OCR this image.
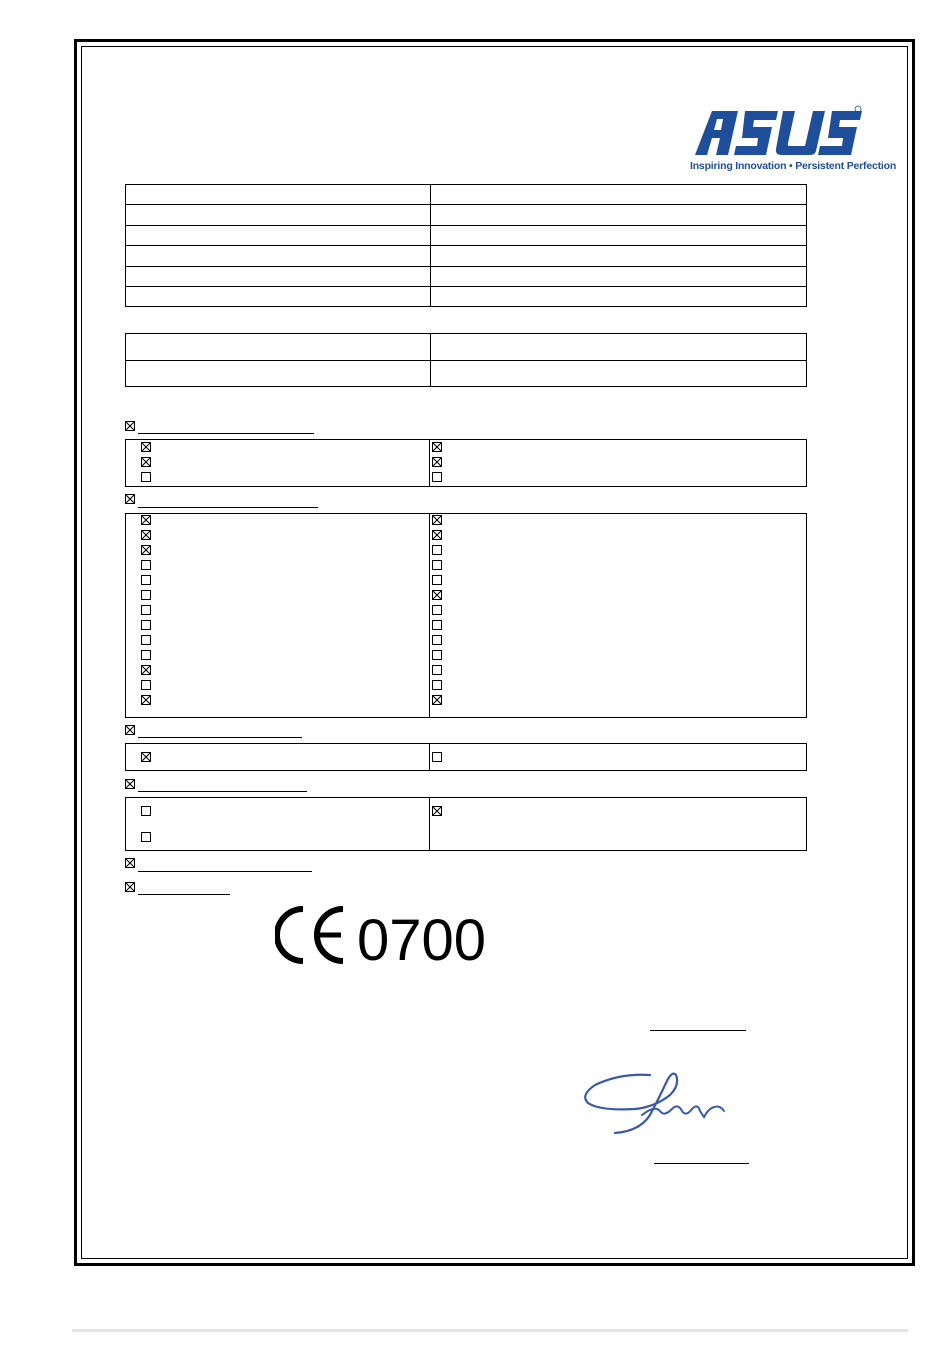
Inspiring Innovation • Persistent Perfection

0700
